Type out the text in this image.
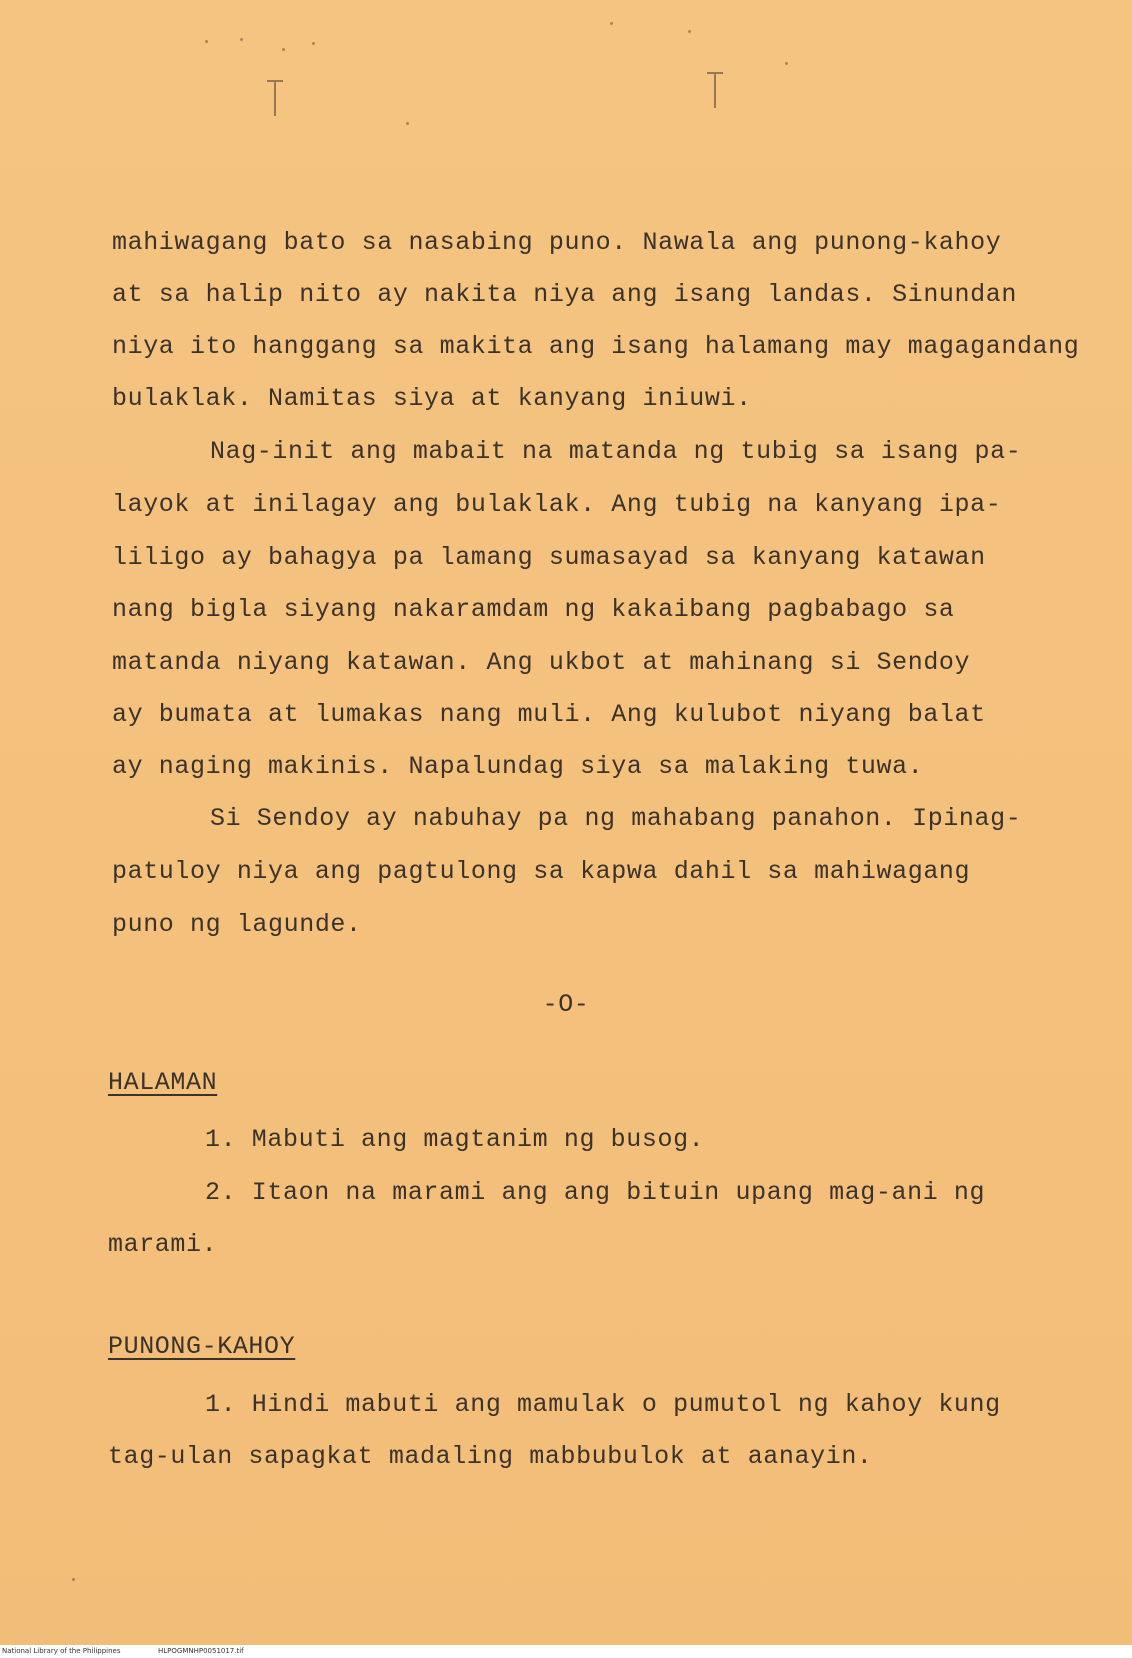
mahiwagang bato sa nasabing puno. Nawala ang punong-kahoy
at sa halip nito ay nakita niya ang isang landas. Sinundan
niya ito hanggang sa makita ang isang halamang may magagandang
bulaklak. Namitas siya at kanyang iniuwi.
Nag-init ang mabait na matanda ng tubig sa isang pa-
layok at inilagay ang bulaklak. Ang tubig na kanyang ipa-
liligo ay bahagya pa lamang sumasayad sa kanyang katawan
nang bigla siyang nakaramdam ng kakaibang pagbabago sa
matanda niyang katawan. Ang ukbot at mahinang si Sendoy
ay bumata at lumakas nang muli. Ang kulubot niyang balat
ay naging makinis. Napalundag siya sa malaking tuwa.
Si Sendoy ay nabuhay pa ng mahabang panahon. Ipinag-
patuloy niya ang pagtulong sa kapwa dahil sa mahiwagang
puno ng lagunde.
-O-
HALAMAN
1. Mabuti ang magtanim ng busog.
2. Itaon na marami ang ang bituin upang mag-ani ng
marami.
PUNONG-KAHOY
1. Hindi mabuti ang mamulak o pumutol ng kahoy kung
tag-ulan sapagkat madaling mabbubulok at aanayin.
National Library of the Philippines	HLPOGMNHP0051017.tif
